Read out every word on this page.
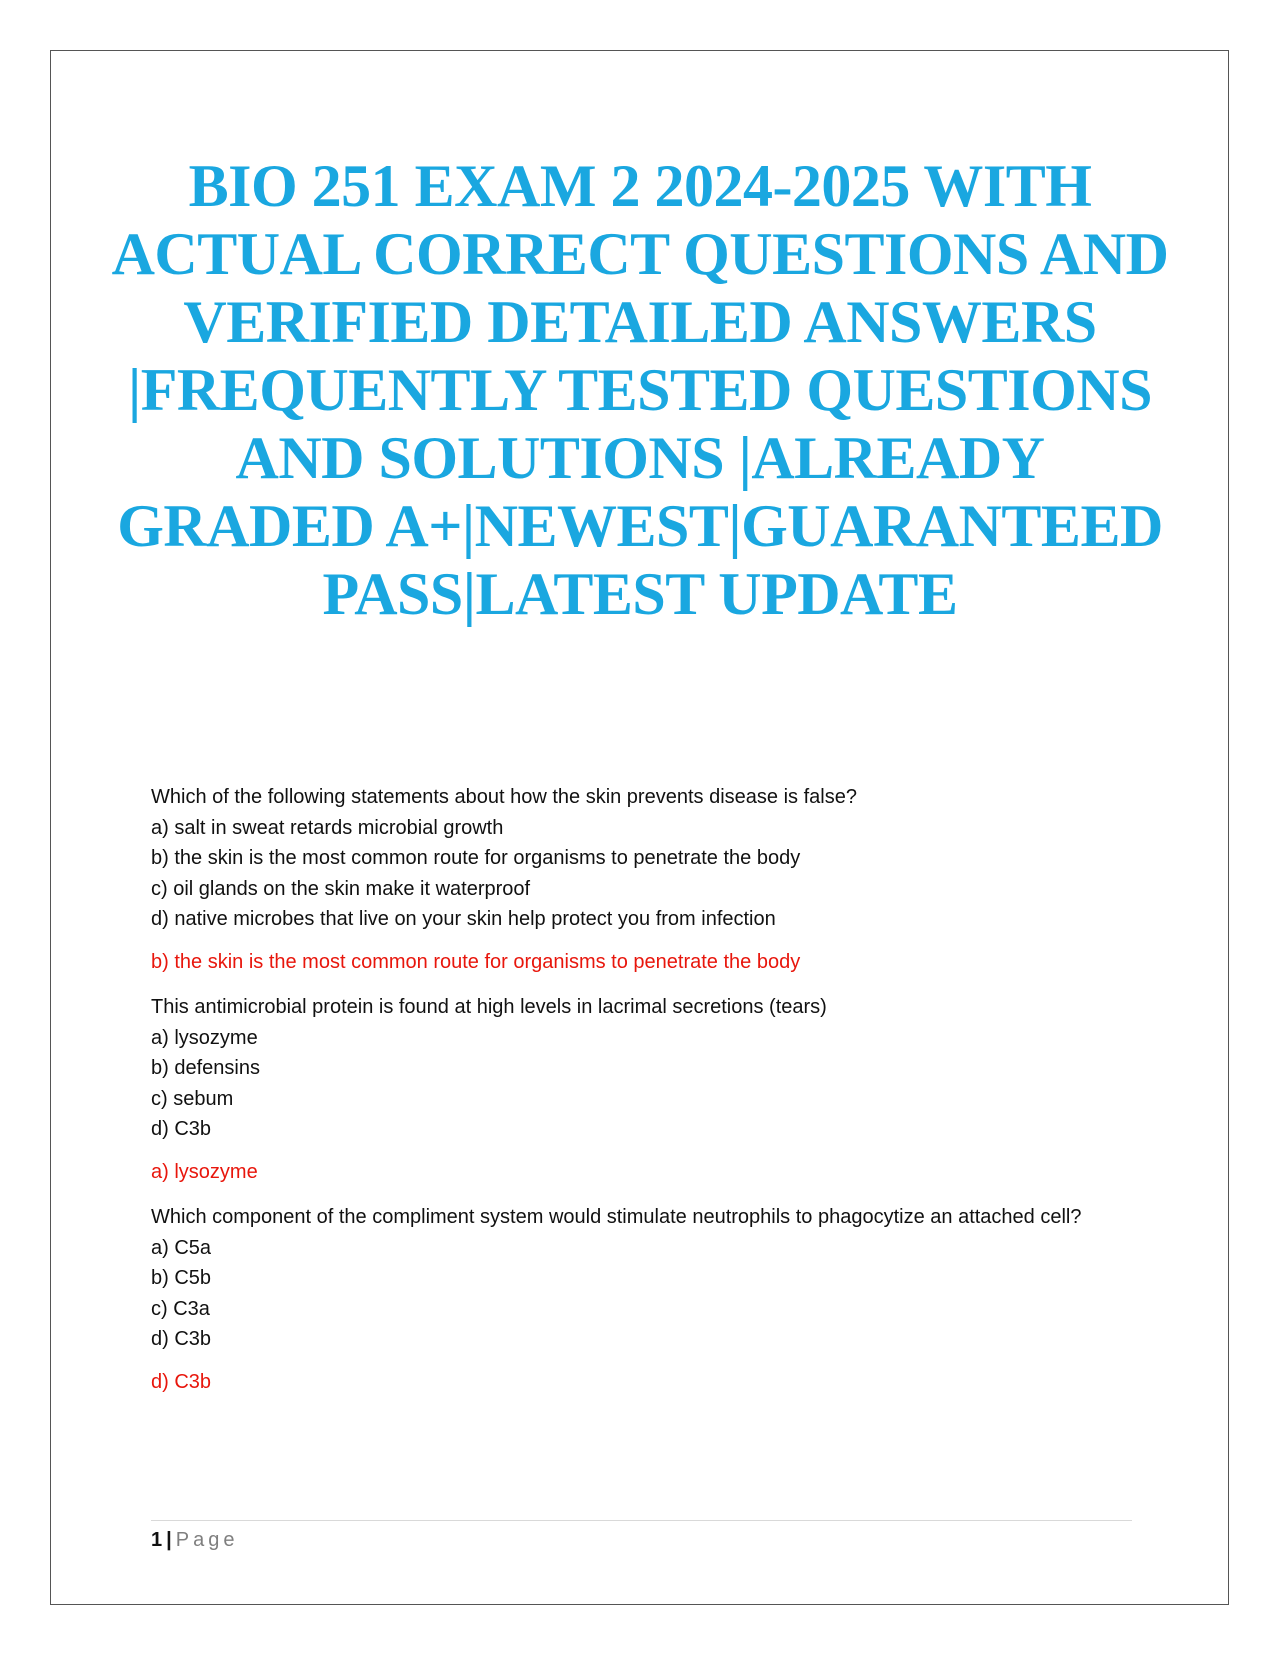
BIO 251 EXAM 2 2024-2025 WITH ACTUAL CORRECT QUESTIONS AND VERIFIED DETAILED ANSWERS |FREQUENTLY TESTED QUESTIONS AND SOLUTIONS |ALREADY GRADED A+|NEWEST|GUARANTEED PASS|LATEST UPDATE
Which of the following statements about how the skin prevents disease is false?
a) salt in sweat retards microbial growth
b) the skin is the most common route for organisms to penetrate the body
c) oil glands on the skin make it waterproof
d) native microbes that live on your skin help protect you from infection
b) the skin is the most common route for organisms to penetrate the body
This antimicrobial protein is found at high levels in lacrimal secretions (tears)
a) lysozyme
b) defensins
c) sebum
d) C3b
a) lysozyme
Which component of the compliment system would stimulate neutrophils to phagocytize an attached cell?
a) C5a
b) C5b
c) C3a
d) C3b
d) C3b
1 | Page
